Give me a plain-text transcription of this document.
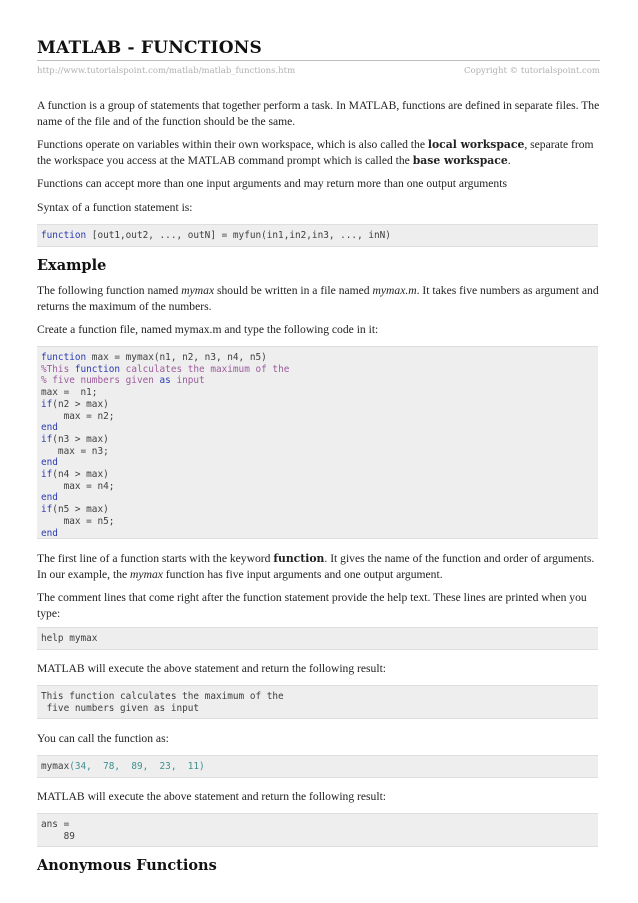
MATLAB - FUNCTIONS
http://www.tutorialspoint.com/matlab/matlab_functions.htm	Copyright © tutorialspoint.com
A function is a group of statements that together perform a task. In MATLAB, functions are defined in separate files. The name of the file and of the function should be the same.
Functions operate on variables within their own workspace, which is also called the local workspace, separate from the workspace you access at the MATLAB command prompt which is called the base workspace.
Functions can accept more than one input arguments and may return more than one output arguments
Syntax of a function statement is:
function [out1,out2, ..., outN] = myfun(in1,in2,in3, ..., inN)
Example
The following function named mymax should be written in a file named mymax.m. It takes five numbers as argument and returns the maximum of the numbers.
Create a function file, named mymax.m and type the following code in it:
function max = mymax(n1, n2, n3, n4, n5)
%This function calculates the maximum of the
% five numbers given as input
max =  n1;
if(n2 > max)
max = n2;
end
if(n3 > max)
max = n3;
end
if(n4 > max)
max = n4;
end
if(n5 > max)
max = n5;
end
The first line of a function starts with the keyword function. It gives the name of the function and order of arguments. In our example, the mymax function has five input arguments and one output argument.
The comment lines that come right after the function statement provide the help text. These lines are printed when you type:
help mymax
MATLAB will execute the above statement and return the following result:
This function calculates the maximum of the
five numbers given as input
You can call the function as:
mymax(34,  78,  89,  23,  11)
MATLAB will execute the above statement and return the following result:
ans =
89
Anonymous Functions
